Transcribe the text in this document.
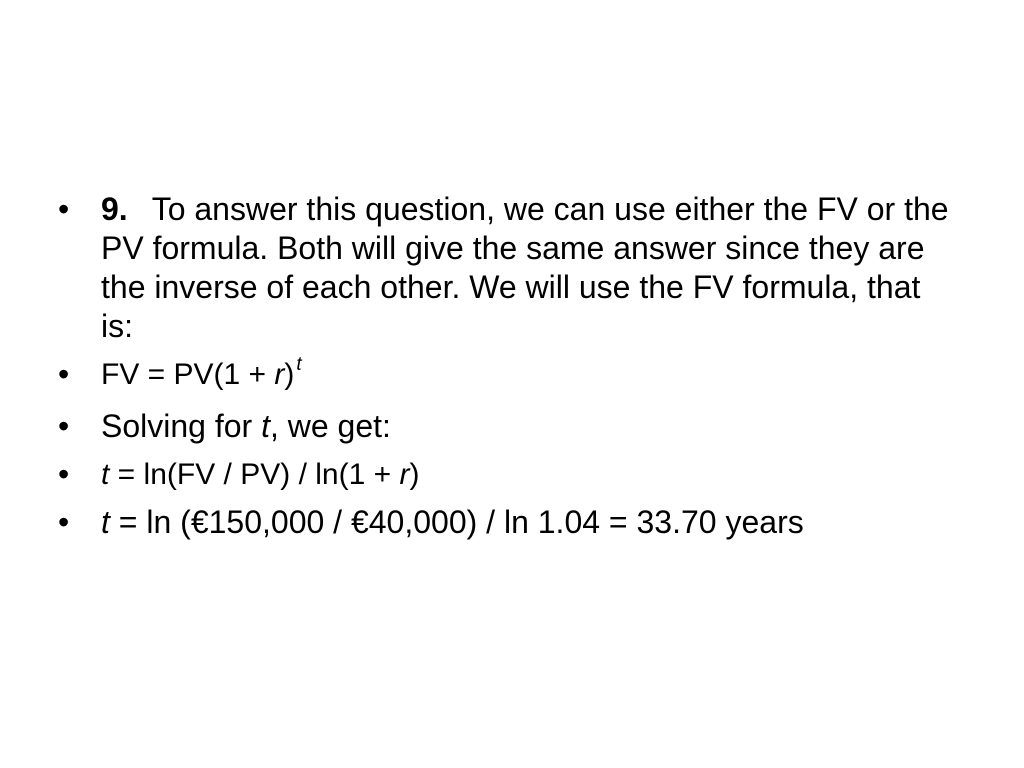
• 9. To answer this question, we can use either the FV or the PV formula. Both will give the same answer since they are the inverse of each other. We will use the FV formula, that is:
• FV = PV(1 + r) $^t$
• Solving for t, we get:
• t = ln(FV / PV) / ln(1 + r)
• t = ln (€150,000 / €40,000) / ln 1.04 = 33.70 years
